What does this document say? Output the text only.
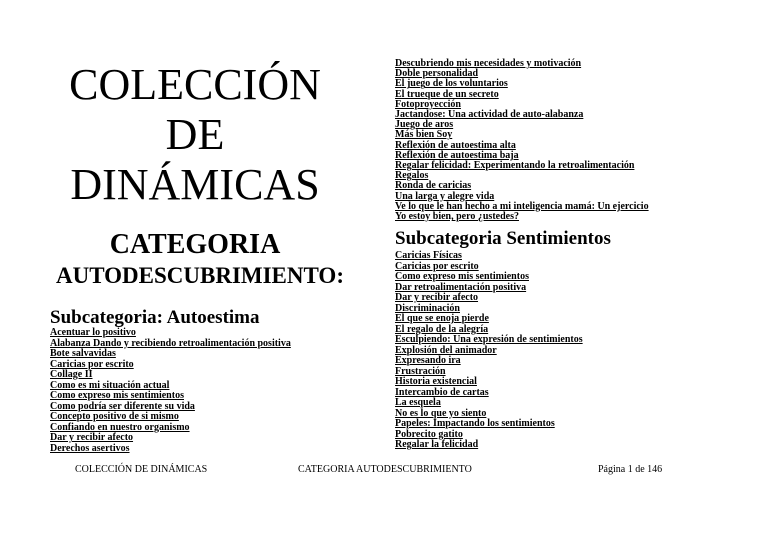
COLECCIÓN DE
DINÁMICAS
CATEGORIA
AUTODESCUBRIMIENTO:
Subcategoria: Autoestima
Acentuar lo positivo
Alabanza Dando y recibiendo retroalimentación positiva
Bote salvavidas
Caricias por escrito
Collage II
Como es mi situación actual
Como expreso mis sentimientos
Como podría ser diferente su vida
Concepto positivo de si mismo
Confiando en nuestro organismo
Dar y recibir afecto
Derechos asertivos
Descubriendo mis necesidades y motivación
Doble personalidad
El juego de los voluntarios
El trueque de un secreto
Fotoproyección
Jactandose: Una actividad de auto-alabanza
Juego de aros
Más bien Soy
Reflexión de autoestima alta
Reflexión de autoestima baja
Regalar felicidad: Experimentando la retroalimentación
Regalos
Ronda de caricias
Una larga y alegre vida
Ve lo que le han hecho a mi inteligencia mamá: Un ejercicio
Yo estoy bien, pero ¿ustedes?
Subcategoria Sentimientos
Caricias Físicas
Caricias por escrito
Como expreso mis sentimientos
Dar retroalimentación positiva
Dar y recibir afecto
Discriminación
El que se enoja pierde
El regalo de la alegría
Esculpiendo: Una expresión de sentimientos
Explosión del animador
Expresando ira
Frustración
Historia existencial
Intercambio de cartas
La esquela
No es lo que yo siento
Papeles: Impactando los sentimientos
Pobrecito gatito
Regalar la felicidad
COLECCIÓN DE DINÁMICAS	CATEGORIA AUTODESCUBRIMIENTO	Página 1 de 146
